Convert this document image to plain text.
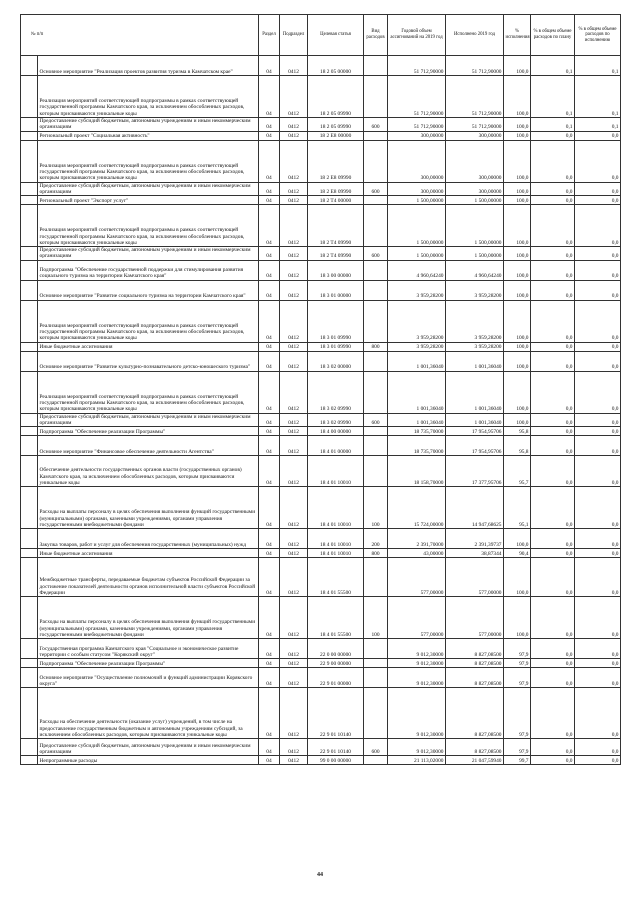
№ п/п		Раздел	Подраздел	Целевая статья	Вид расходов	Годовой объем ассигнований на 2019 год	Исполнено 2019 год	% исполнения	% в общем объеме расходов по плану	% в общем объеме расходов по исполнению
	Основное мероприятие "Реализация проектов развития туризма в Камчатском крае"	04	0412	18 2 05 00000		51 712,90000	51 712,90000	100,0	0,1	0,1
	Реализация мероприятий соответствующей подпрограммы в рамках соответствующей государственной программы Камчатского края, за исключением обособленных расходов, которым присваиваются уникальные коды	04	0412	18 2 05 09990		51 712,90000	51 712,90000	100,0	0,1	0,1
	Предоставление субсидий бюджетным, автономным учреждениям и иным некоммерческим организациям	04	0412	18 2 05 09990	600	51 712,90000	51 712,90000	100,0	0,1	0,1
	Региональный проект "Социальная активность"	04	0412	18 2 E8 00000		300,00000	300,00000	100,0	0,0	0,0
	Реализация мероприятий соответствующей подпрограммы в рамках соответствующей государственной программы Камчатского края, за исключением обособленных расходов, которым присваиваются уникальные коды	04	0412	18 2 E8 09990		300,00000	300,00000	100,0	0,0	0,0
	Предоставление субсидий бюджетным, автономным учреждениям и иным некоммерческим организациям	04	0412	18 2 E8 09990	600	300,00000	300,00000	100,0	0,0	0,0
	Региональный проект "Экспорт услуг"	04	0412	18 2 T4 00000		1 500,00000	1 500,00000	100,0	0,0	0,0
	Реализация мероприятий соответствующей подпрограммы в рамках соответствующей государственной программы Камчатского края, за исключением обособленных расходов, которым присваиваются уникальные коды	04	0412	18 2 T4 09990		1 500,00000	1 500,00000	100,0	0,0	0,0
	Предоставление субсидий бюджетным, автономным учреждениям и иным некоммерческим организациям	04	0412	18 2 T4 09990	600	1 500,00000	1 500,00000	100,0	0,0	0,0
	Подпрограмма "Обеспечение государственной поддержки для стимулирования развития социального туризма на территории Камчатского края"	04	0412	18 3 00 00000		4 960,64240	4 960,64240	100,0	0,0	0,0
	Основное мероприятие "Развитие социального туризма на территории Камчатского края"	04	0412	18 3 01 00000		3 959,28200	3 959,28200	100,0	0,0	0,0
	Реализация мероприятий соответствующей подпрограммы в рамках соответствующей государственной программы Камчатского края, за исключением обособленных расходов, которым присваиваются уникальные коды	04	0412	18 3 01 09990		3 959,28200	3 959,28200	100,0	0,0	0,0
	Иные бюджетные ассигнования	04	0412	18 3 01 09990	800	3 959,28200	3 959,28200	100,0	0,0	0,0
	Основное мероприятие "Развитие культурно-познавательного детско-юношеского туризма"	04	0412	18 3 02 00000		1 001,36040	1 001,36040	100,0	0,0	0,0
	Реализация мероприятий соответствующей подпрограммы в рамках соответствующей государственной программы Камчатского края, за исключением обособленных расходов, которым присваиваются уникальные коды	04	0412	18 3 02 09990		1 001,36040	1 001,36040	100,0	0,0	0,0
	Предоставление субсидий бюджетным, автономным учреждениям и иным некоммерческим организациям	04	0412	18 3 02 09990	600	1 001,36040	1 001,36040	100,0	0,0	0,0
	Подпрограмма "Обеспечение реализации Программы"	04	0412	18 4 00 00000		18 735,70000	17 954,95706	95,8	0,0	0,0
	Основное мероприятие "Финансовое обеспечение деятельности Агентства"	04	0412	18 4 01 00000		18 735,70000	17 954,95706	95,8	0,0	0,0
	Обеспечение деятельности государственных органов власти (государственных органов) Камчатского края, за исключением обособленных расходов, которым присваиваются уникальные коды	04	0412	18 4 01 10010		18 158,70000	17 377,95706	95,7	0,0	0,0
	Расходы на выплаты персоналу в целях обеспечения выполнения функций государственными (муниципальными) органами, казенными учреждениями, органами управления государственными внебюджетными фондами	04	0412	18 4 01 10010	100	15 724,00000	14 947,68625	95,1	0,0	0,0
	Закупка товаров, работ и услуг для обеспечения государственных (муниципальных) нужд	04	0412	18 4 01 10010	200	2 391,70000	2 391,39737	100,0	0,0	0,0
	Иные бюджетные ассигнования	04	0412	18 4 01 10010	800	43,00000	38,87344	90,4	0,0	0,0
	Межбюджетные трансферты, передаваемые бюджетам субъектов Российской Федерации за достижение показателей деятельности органов исполнительной власти субъектов Российской Федерации	04	0412	18 4 01 55500		577,00000	577,00000	100,0	0,0	0,0
	Расходы на выплаты персоналу в целях обеспечения выполнения функций государственными (муниципальными) органами, казенными учреждениями, органами управления государственными внебюджетными фондами	04	0412	18 4 01 55500	100	577,00000	577,00000	100,0	0,0	0,0
	Государственная программа Камчатского края "Социальное и экономическое развитие территории с особым статусом "Корякский округ"	04	0412	22 0 00 00000		9 012,30000	8 827,08500	97,9	0,0	0,0
	Подпрограмма "Обеспечение реализации Программы"	04	0412	22 9 00 00000		9 012,30000	8 827,08500	97,9	0,0	0,0
	Основное мероприятие "Осуществление полномочий и функций администрации Корякского округа"	04	0412	22 9 01 00000		9 012,30000	8 827,08500	97,9	0,0	0,0
	Расходы на обеспечение деятельности (оказание услуг) учреждений, в том числе на предоставление государственным бюджетным и автономным учреждениям субсидий, за исключением обособленных расходов, которым присваиваются уникальные коды	04	0412	22 9 01 10140		9 012,30000	8 827,08500	97,9	0,0	0,0
	Предоставление субсидий бюджетным, автономным учреждениям и иным некоммерческим организациям	04	0412	22 9 01 10140	600	9 012,30000	8 827,08500	97,9	0,0	0,0
	Непрограммные расходы	04	0412	99 0 00 00000		21 113,02000	21 047,59940	99,7	0,0	0,0
44
